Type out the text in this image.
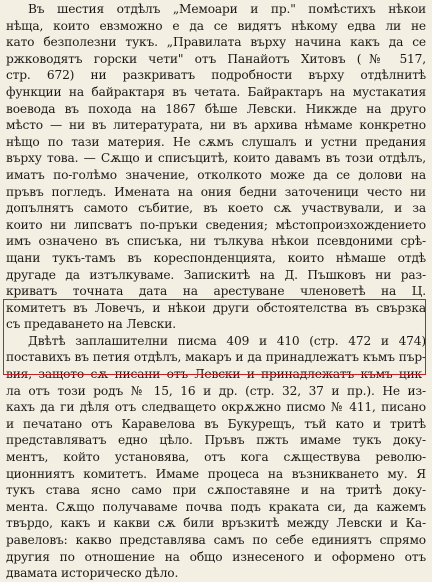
Въ шестия отдѣлъ „Мемоари и пр." помѣстихъ нѣкои
нѣща, които евзможно е да се видятъ нѣкому едва ли не
като безполезни тукъ. „Правилата върху начина какъ да се
ржководятъ горски чети" отъ Панайотъ Хитовъ (№ 517,
стр. 672) ни разкриватъ подробности върху отдѣлнитѣ
функции на байрактаря въ четата. Байрактаръ на мустакатия
воевода въ похода на 1867 бѣше Левски. Никжде на друго
мѣсто — ни въ литературата, ни въ архива нѣмаме конкретно
нѣщо по тази материя. Не сѫмъ слушалъ и устни предания
върху това. — Сѫщо и списъцитѣ, които давамъ въ този отдѣлъ,
иматъ по-голѣмо значение, отколкото може да се долови на
пръвъ погледъ. Имената на ония бедни заточеници често ни
допълнятъ самото събитие, въ което сѫ участвували, и за
които ни липсватъ по-пръки сведения; мѣстопроизхождението
имъ означено въ списъка, ни тълкува нѣкои псевдоними срѣ-
щани тукъ-тамъ въ кореспонденцията, които нѣмаше отдѣ
другаде да изтълкуваме. Запискитѣ на Д. Пъшковъ ни раз-
криватъ точната дата на арестуване членоветѣ на Ц.
комитетъ въ Ловечъ, и нѣкои други обстоятелства въ свързка
съ предаването на Левски.
Двѣтѣ заплашителни писма 409 и 410 (стр. 472 и 474)
поставихъ въ петия отдѣлъ, макаръ и да принадлежатъ къмъ пър-
вия, защото сѫ писани отъ Левски и принадлежатъ къмъ цик-
ла отъ този родъ № 15, 16 и др. (стр. 32, 37 и пр.). Не из-
кахъ да ги дѣля отъ следващето окрѫжно писмо № 411, писано
и печатано отъ Каравелова въ Букурещъ, тъй като и тритѣ
представляватъ едно цѣло. Пръвъ пжть имаме тукъ доку-
ментъ, който установява, отъ кога сѫществува револю-
ционниятъ комитетъ. Имаме процеса на възникването му. Я
тукъ става ясно само при сѫпоставяне и на тритѣ доку-
мента. Сѫщо получаваме почва подъ краката си, да кажемъ
твърдо, какъ и какви сѫ били връзкитѣ между Левски и Ка-
равеловъ: какво представлява самъ по себе единиятъ спрямо
другия по отношение на общо изнесеного и оформено отъ
двамата историческо дѣло.
